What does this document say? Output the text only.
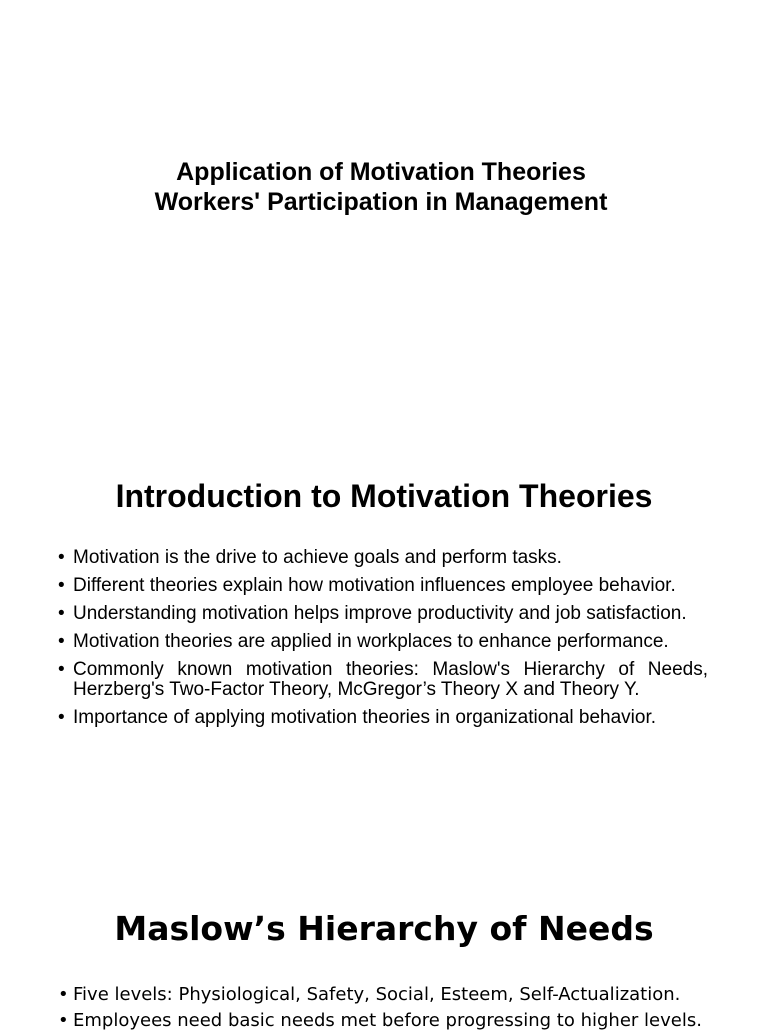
Application of Motivation Theories

Workers' Participation in Management

Introduction to Motivation Theories
• Motivation is the drive to achieve goals and perform tasks.
• Different theories explain how motivation influences employee behavior.
• Understanding motivation helps improve productivity and job satisfaction.
• Motivation theories are applied in workplaces to enhance performance.
• Commonly known motivation theories: Maslow's Hierarchy of Needs, Herzberg's Two-Factor Theory, McGregor’s Theory X and Theory Y.
• Importance of applying motivation theories in organizational behavior.
Maslow’s Hierarchy of Needs
• Five levels: Physiological, Safety, Social, Esteem, Self-Actualization.
• Employees need basic needs met before progressing to higher levels.
